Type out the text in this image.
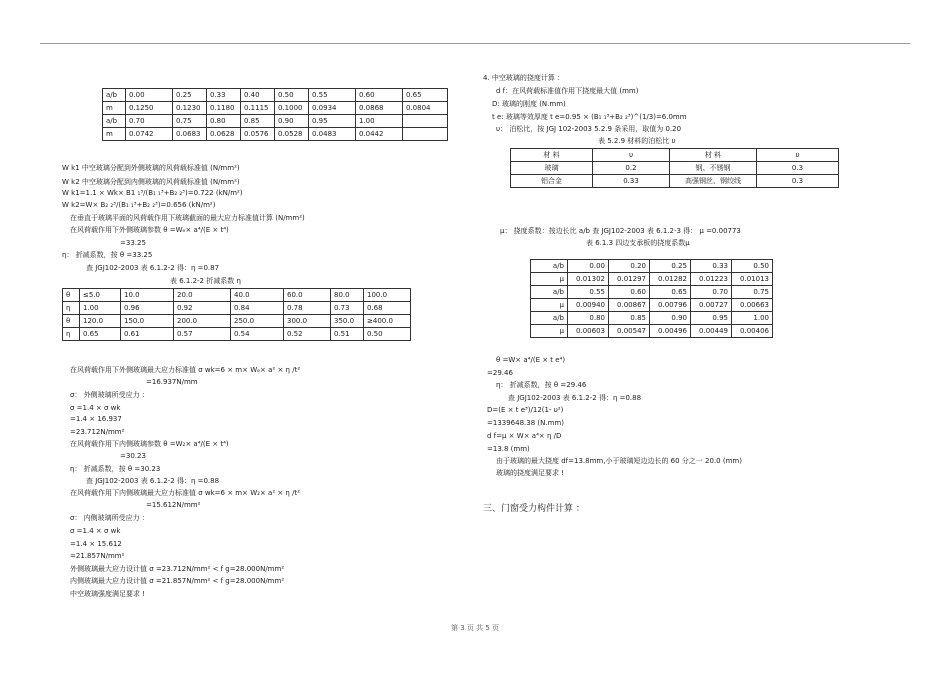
a/b	0.00	0.25	0.33	0.40	0.50	0.55	0.60	0.65
m	0.1250	0.1230	0.1180	0.1115	0.1000	0.0934	0.0868	0.0804
a/b	0.70	0.75	0.80	0.85	0.90	0.95	1.00	
m	0.0742	0.0683	0.0628	0.0576	0.0528	0.0483	0.0442	
W k1 中空玻璃分配到外侧玻璃的风荷载标准值 (N/mm²)
W k2 中空玻璃分配到内侧玻璃的风荷载标准值 (N/mm²)
W k1=1.1 × Wk× B1 ₁³/(B₁ ₁³+B₂ ₂³)=0.722 (kN/m²)
W k2=W× B₂ ₂³/(B₁ ₁³+B₂ ₂³)=0.656 (kN/m²)
在垂直于玻璃平面的风荷载作用下玻璃截面的最大应力标准值计算 (N/mm²)
在风荷载作用下外侧玻璃参数 θ =Wₑ× a⁴/(E × t⁴)
=33.25
η： 折减系数，按 θ =33.25
查 JGJ102-2003 表 6.1.2-2 得：η =0.87
表 6.1.2-2 折减系数 η
θ	≤5.0	10.0	20.0	40.0	60.0	80.0	100.0
η	1.00	0.96	0.92	0.84	0.78	0.73	0.68
θ	120.0	150.0	200.0	250.0	300.0	350.0	≥400.0
η	0.65	0.61	0.57	0.54	0.52	0.51	0.50
在风荷载作用下外侧玻璃最大应力标准值 σ wk=6 × m× Wₑ× a² × η /t²
=16.937N/mm
σ： 外侧玻璃所受应力 ：
σ =1.4 × σ wk
=1.4 × 16.937
=23.712N/mm²
在风荷载作用下内侧玻璃参数 θ =W₂× a⁴/(E × t⁴)
=30.23
η： 折减系数，按 θ =30.23
查 JGJ102-2003 表 6.1.2-2 得：η =0.88
在风荷载作用下内侧玻璃最大应力标准值 σ wk=6 × m× W₂× a² × η /t²
=15.612N/mm²
σ： 内侧玻璃所受应力 ：
σ =1.4 × σ wk
=1.4 × 15.612
=21.857N/mm²
外侧玻璃最大应力设计值 σ =23.712N/mm² < f g=28.000N/mm²
内侧玻璃最大应力设计值 σ =21.857N/mm² < f g=28.000N/mm²
中空玻璃强度满足要求 !
4. 中空玻璃的挠度计算 ：
d f：在风荷载标准值作用下挠度最大值 (mm)
D: 玻璃的刚度 (N.mm)
t e: 玻璃等效厚度 t e=0.95 × (B₁ ₁³+B₂ ₂³)^(1/3)=6.0mm
υ： 泊松比，按 JGJ 102-2003 5.2.9 条采用，取值为 0.20
表 5.2.9 材料的泊松比 υ
材 料	υ	材 料	υ
玻璃	0.2	钢、不锈钢	0.3
铝合金	0.33	高强钢丝、钢绞线	0.3
μ： 挠度系数：按边长比 a/b 查 JGJ102-2003 表 6.1.2-3 得： μ =0.00773
表 6.1.3 四边支承板的挠度系数μ
a/b	0.00	0.20	0.25	0.33	0.50
μ	0.01302	0.01297	0.01282	0.01223	0.01013
a/b	0.55	0.60	0.65	0.70	0.75
μ	0.00940	0.00867	0.00796	0.00727	0.00663
a/b	0.80	0.85	0.90	0.95	1.00
μ	0.00603	0.00547	0.00496	0.00449	0.00406
θ =W× a⁴/(E × t e⁴)
=29.46
η： 折减系数，按 θ =29.46
查 JGJ102-2003 表 6.1.2-2 得：η =0.88
D=(E × t e³)/12(1- υ²)
=1339648.38 (N.mm)
d f=μ × W× a⁴× η /D
=13.8 (mm)
由于玻璃的最大挠度 df=13.8mm,小于玻璃短边边长的 60 分之一 20.0 (mm)
玻璃的挠度满足要求 !
三、门窗受力构件计算 ：
第 3 页 共 5 页
